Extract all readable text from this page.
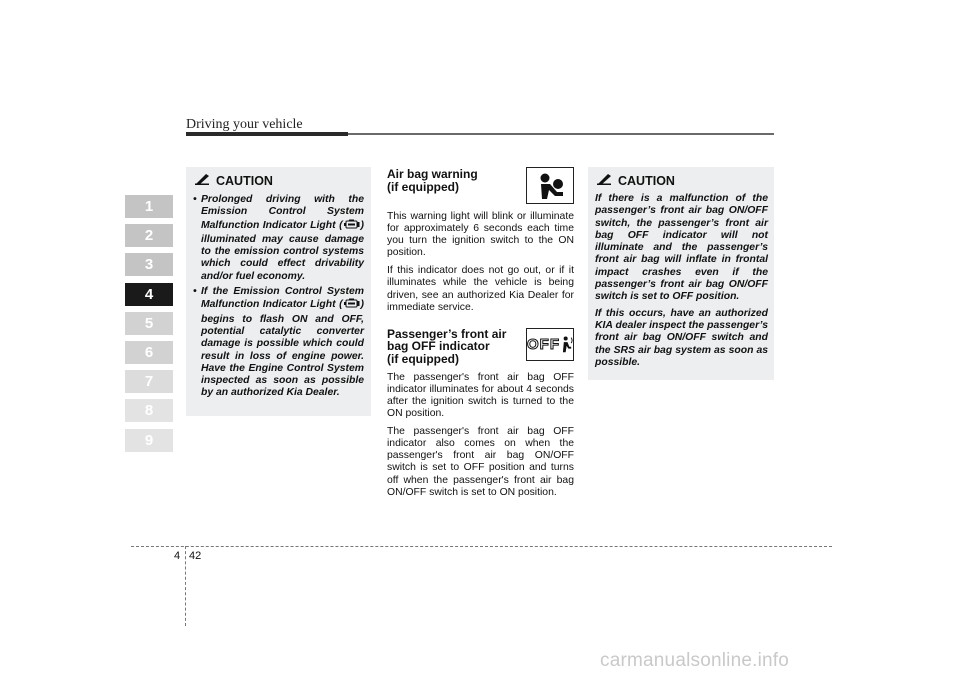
Driving your vehicle
1
2
3
4
5
6
7
8
9
CAUTION
• Prolonged driving with the Emission Control System Malfunction Indicator Light ( ) illuminated may cause damage to the emission control systems which could effect drivability and/or fuel economy.
• If the Emission Control System Malfunction Indicator Light ( ) begins to flash ON and OFF, potential catalytic converter damage is possible which could result in loss of engine power. Have the Engine Control System inspected as soon as possible by an authorized Kia Dealer.
Air bag warning
(if equipped)

This warning light will blink or illuminate for approximately 6 seconds each time you turn the ignition switch to the ON position.

If this indicator does not go out, or if it illuminates while the vehicle is being driven, see an authorized Kia Dealer for immediate service.

Passenger’s front air
bag OFF indicator
(if equipped)
OFF

The passenger's front air bag OFF indicator illuminates for about 4 seconds after the ignition switch is turned to the ON position.

The passenger's front air bag OFF indicator also comes on when the passenger's front air bag ON/OFF switch is set to OFF position and turns off when the passenger's front air bag ON/OFF switch is set to ON position.

CAUTION

If there is a malfunction of the passenger’s front air bag ON/OFF switch, the passenger’s front air bag OFF indicator will not illuminate and the passenger’s front air bag will inflate in frontal impact crashes even if the passenger’s front air bag ON/OFF switch is set to OFF position.

If this occurs, have an authorized KIA dealer inspect the passenger’s front air bag ON/OFF switch and the SRS air bag system as soon as possible.

4 42
carmanualsonline.info
